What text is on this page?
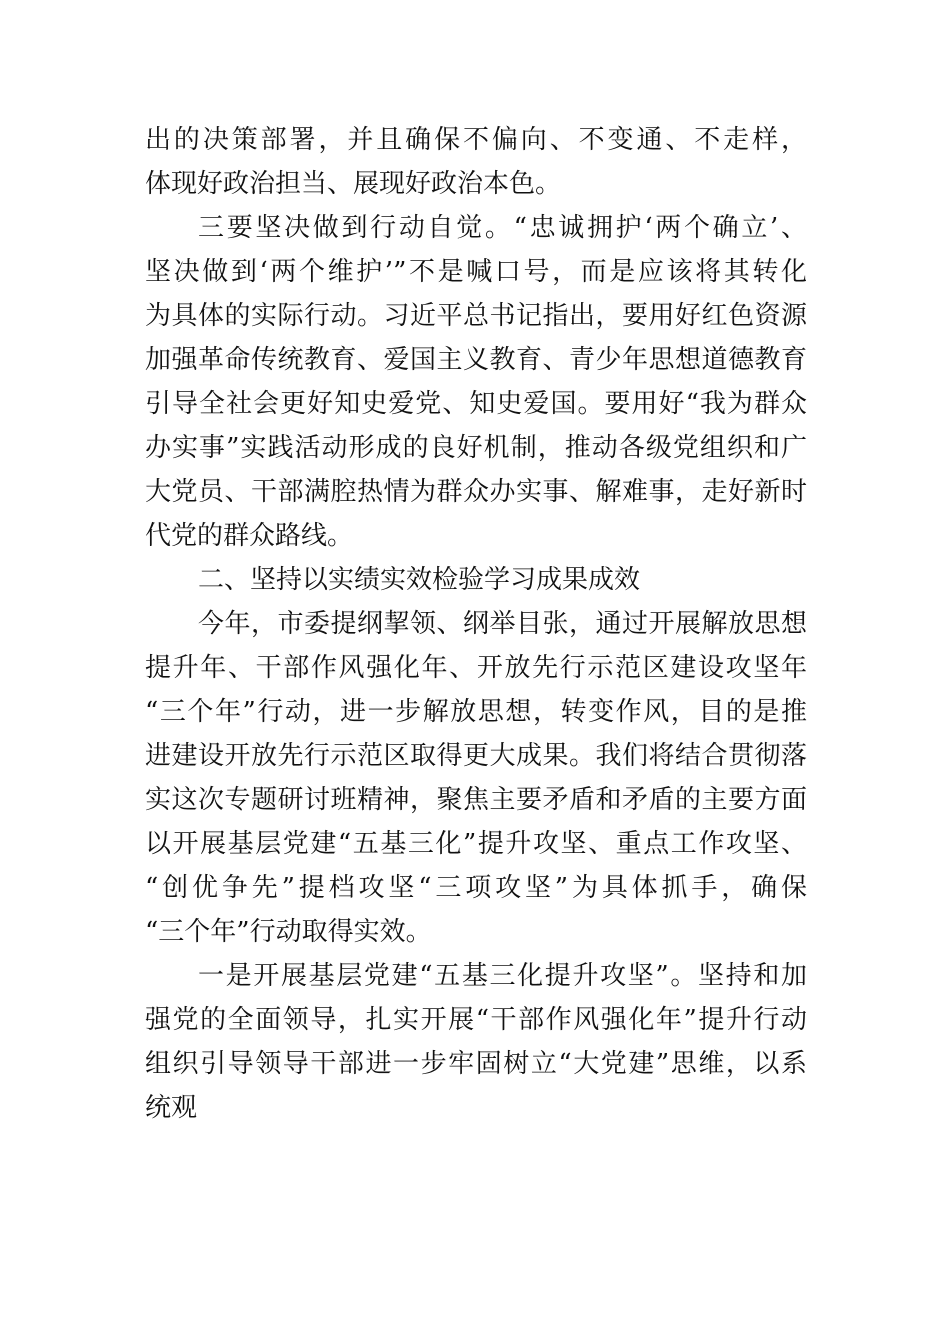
出的决策部署，并且确保不偏向、不变通、不走样，

体现好政治担当、展现好政治本色。

三要坚决做到行动自觉。“忠诚拥护‘两个确立’、

坚决做到‘两个维护’”不是喊口号，而是应该将其转化

为具体的实际行动。习近平总书记指出，要用好红色资源

加强革命传统教育、爱国主义教育、青少年思想道德教育

引导全社会更好知史爱党、知史爱国。要用好“我为群众

办实事”实践活动形成的良好机制，推动各级党组织和广

大党员、干部满腔热情为群众办实事、解难事，走好新时

代党的群众路线。

二、坚持以实绩实效检验学习成果成效

今年，市委提纲挈领、纲举目张，通过开展解放思想

提升年、干部作风强化年、开放先行示范区建设攻坚年

“三个年”行动，进一步解放思想，转变作风，目的是推

进建设开放先行示范区取得更大成果。我们将结合贯彻落

实这次专题研讨班精神，聚焦主要矛盾和矛盾的主要方面

以开展基层党建“五基三化”提升攻坚、重点工作攻坚、

“创优争先”提档攻坚“三项攻坚”为具体抓手，确保

“三个年”行动取得实效。

一是开展基层党建“五基三化提升攻坚”。坚持和加

强党的全面领导，扎实开展“干部作风强化年”提升行动

组织引导领导干部进一步牢固树立“大党建”思维，以系

统观
